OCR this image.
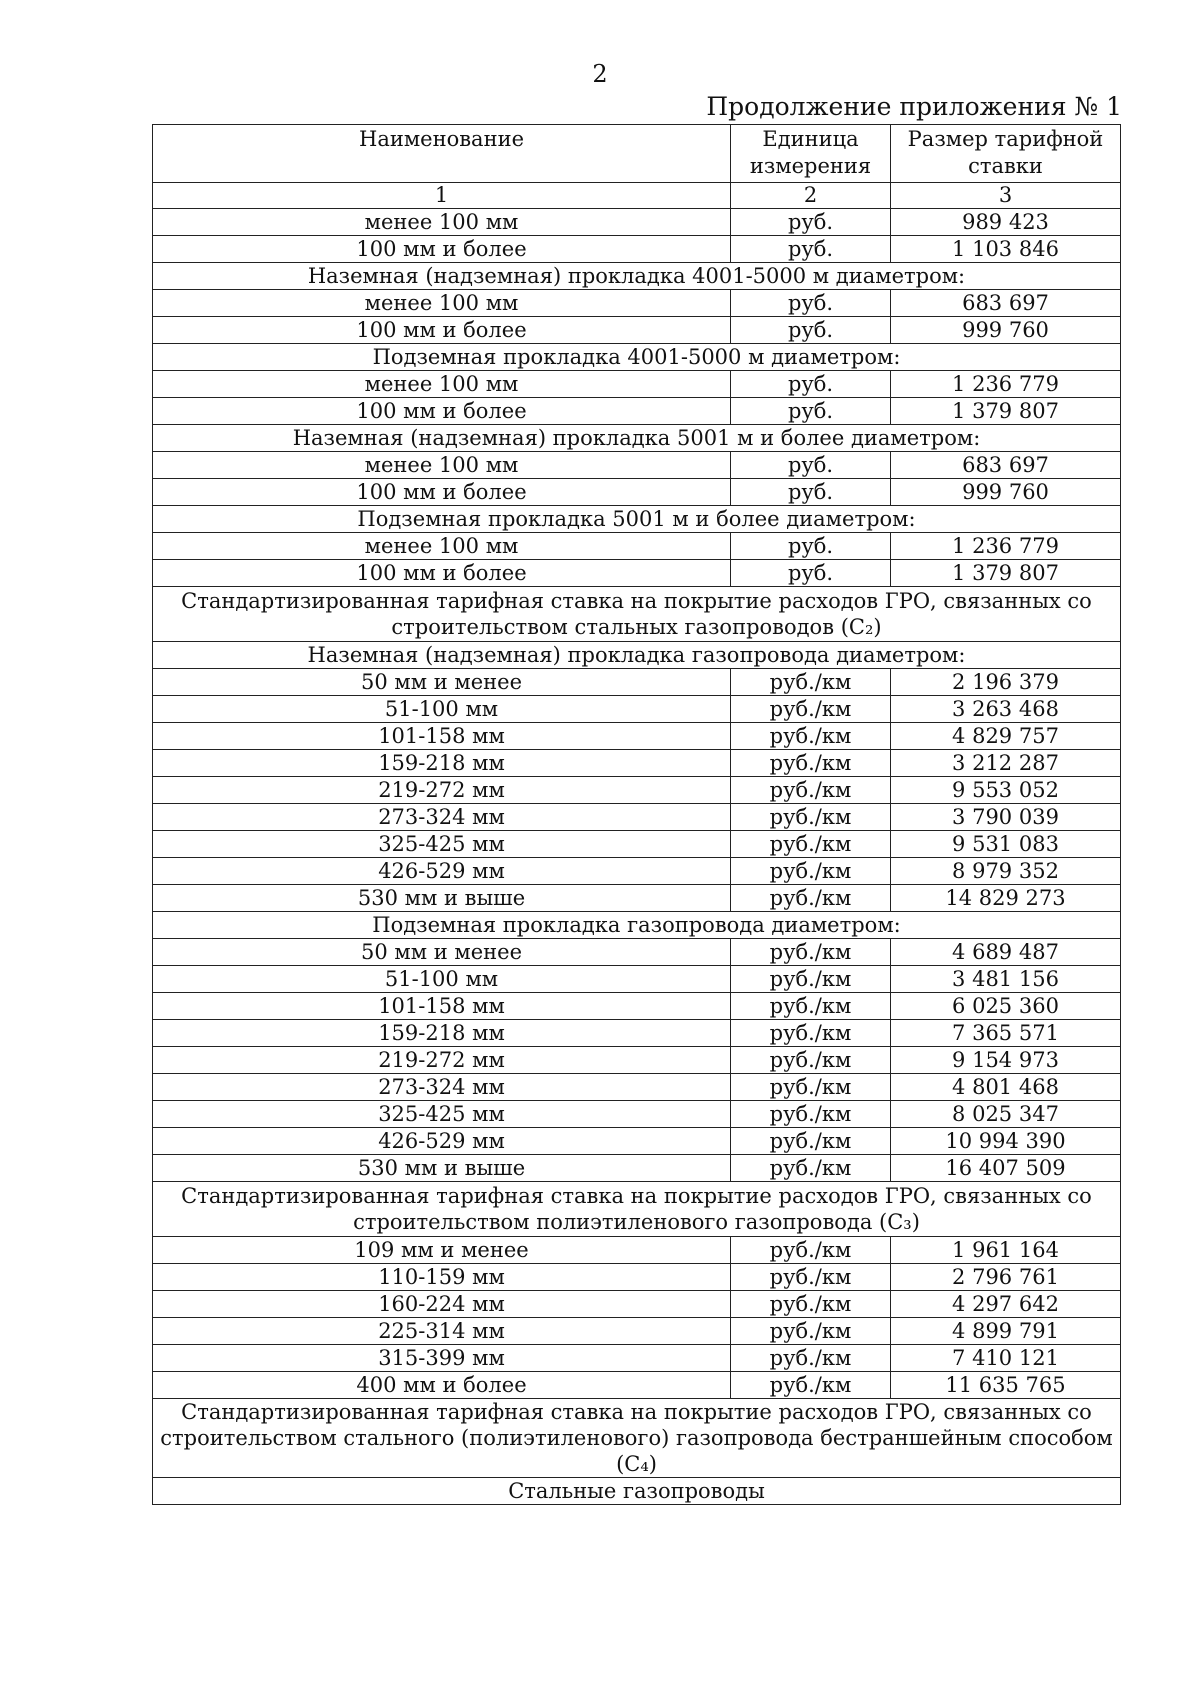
2
Продолжение приложения № 1
Наименование	Единица измерения	Размер тарифной ставки
1	2	3
менее 100 мм	руб.	989 423
100 мм и более	руб.	1 103 846
Наземная (надземная) прокладка 4001-5000 м диаметром:		
менее 100 мм	руб.	683 697
100 мм и более	руб.	999 760
Подземная прокладка 4001-5000 м диаметром:		
менее 100 мм	руб.	1 236 779
100 мм и более	руб.	1 379 807
Наземная (надземная) прокладка 5001 м и более диаметром:		
менее 100 мм	руб.	683 697
100 мм и более	руб.	999 760
Подземная прокладка 5001 м и более диаметром:		
менее 100 мм	руб.	1 236 779
100 мм и более	руб.	1 379 807
Стандартизированная тарифная ставка на покрытие расходов ГРО, связанных со строительством стальных газопроводов (С₂)		
Наземная (надземная) прокладка газопровода диаметром:		
50 мм и менее	руб./км	2 196 379
51-100 мм	руб./км	3 263 468
101-158 мм	руб./км	4 829 757
159-218 мм	руб./км	3 212 287
219-272 мм	руб./км	9 553 052
273-324 мм	руб./км	3 790 039
325-425 мм	руб./км	9 531 083
426-529 мм	руб./км	8 979 352
530 мм и выше	руб./км	14 829 273
Подземная прокладка газопровода диаметром:		
50 мм и менее	руб./км	4 689 487
51-100 мм	руб./км	3 481 156
101-158 мм	руб./км	6 025 360
159-218 мм	руб./км	7 365 571
219-272 мм	руб./км	9 154 973
273-324 мм	руб./км	4 801 468
325-425 мм	руб./км	8 025 347
426-529 мм	руб./км	10 994 390
530 мм и выше	руб./км	16 407 509
Стандартизированная тарифная ставка на покрытие расходов ГРО, связанных со строительством полиэтиленового газопровода (С₃)		
109 мм и менее	руб./км	1 961 164
110-159 мм	руб./км	2 796 761
160-224 мм	руб./км	4 297 642
225-314 мм	руб./км	4 899 791
315-399 мм	руб./км	7 410 121
400 мм и более	руб./км	11 635 765
Стандартизированная тарифная ставка на покрытие расходов ГРО, связанных со строительством стального (полиэтиленового) газопровода бестраншейным способом (С₄)		
Стальные газопроводы		
